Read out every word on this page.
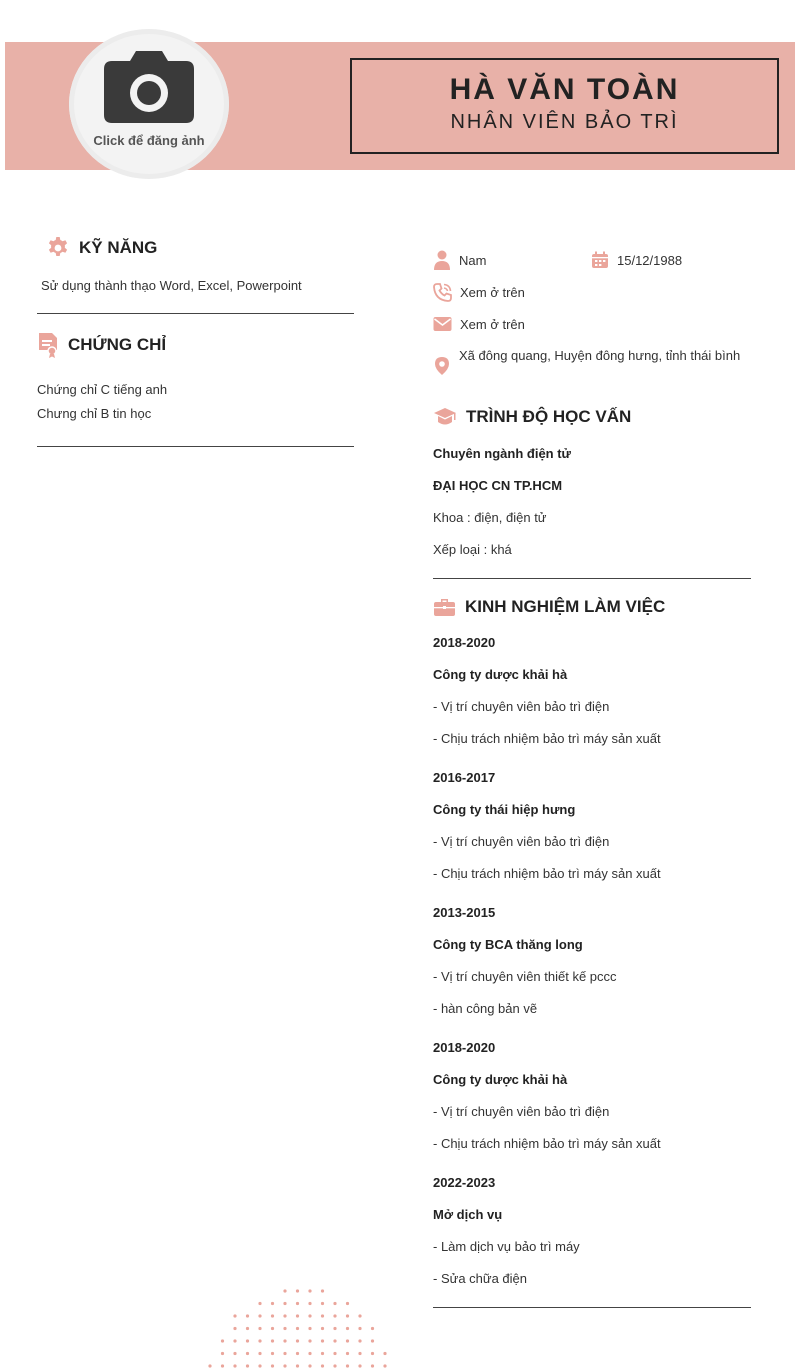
Click để đăng ảnh
HÀ VĂN TOÀN
NHÂN VIÊN BẢO TRÌ
KỸ NĂNG
Sử dụng thành thạo Word, Excel, Powerpoint
CHỨNG CHỈ
Chứng chỉ C tiếng anh
Chưng chỉ B tin học
Nam	15/12/1988
Xem ở trên
Xem ở trên
Xã đông quang, Huyện đông hưng, tỉnh thái bình
TRÌNH ĐỘ HỌC VẤN
Chuyên ngành điện tử
ĐẠI HỌC CN TP.HCM
Khoa : điện, điện tử
Xếp loại : khá
KINH NGHIỆM LÀM VIỆC
2018-2020
Công ty dược khải hà
- Vị trí chuyên viên bảo trì điện
- Chịu trách nhiệm bảo trì máy sản xuất
2016-2017
Công ty thái hiệp hưng
- Vị trí chuyên viên bảo trì điện
- Chịu trách nhiệm bảo trì máy sản xuất
2013-2015
Công ty BCA thăng long
- Vị trí chuyên viên thiết kế pccc
- hàn công bản vẽ
2018-2020
Công ty dược khải hà
- Vị trí chuyên viên bảo trì điện
- Chịu trách nhiệm bảo trì máy sản xuất
2022-2023
Mở dịch vụ
- Làm dịch vụ bảo trì máy
- Sửa chữa điện
